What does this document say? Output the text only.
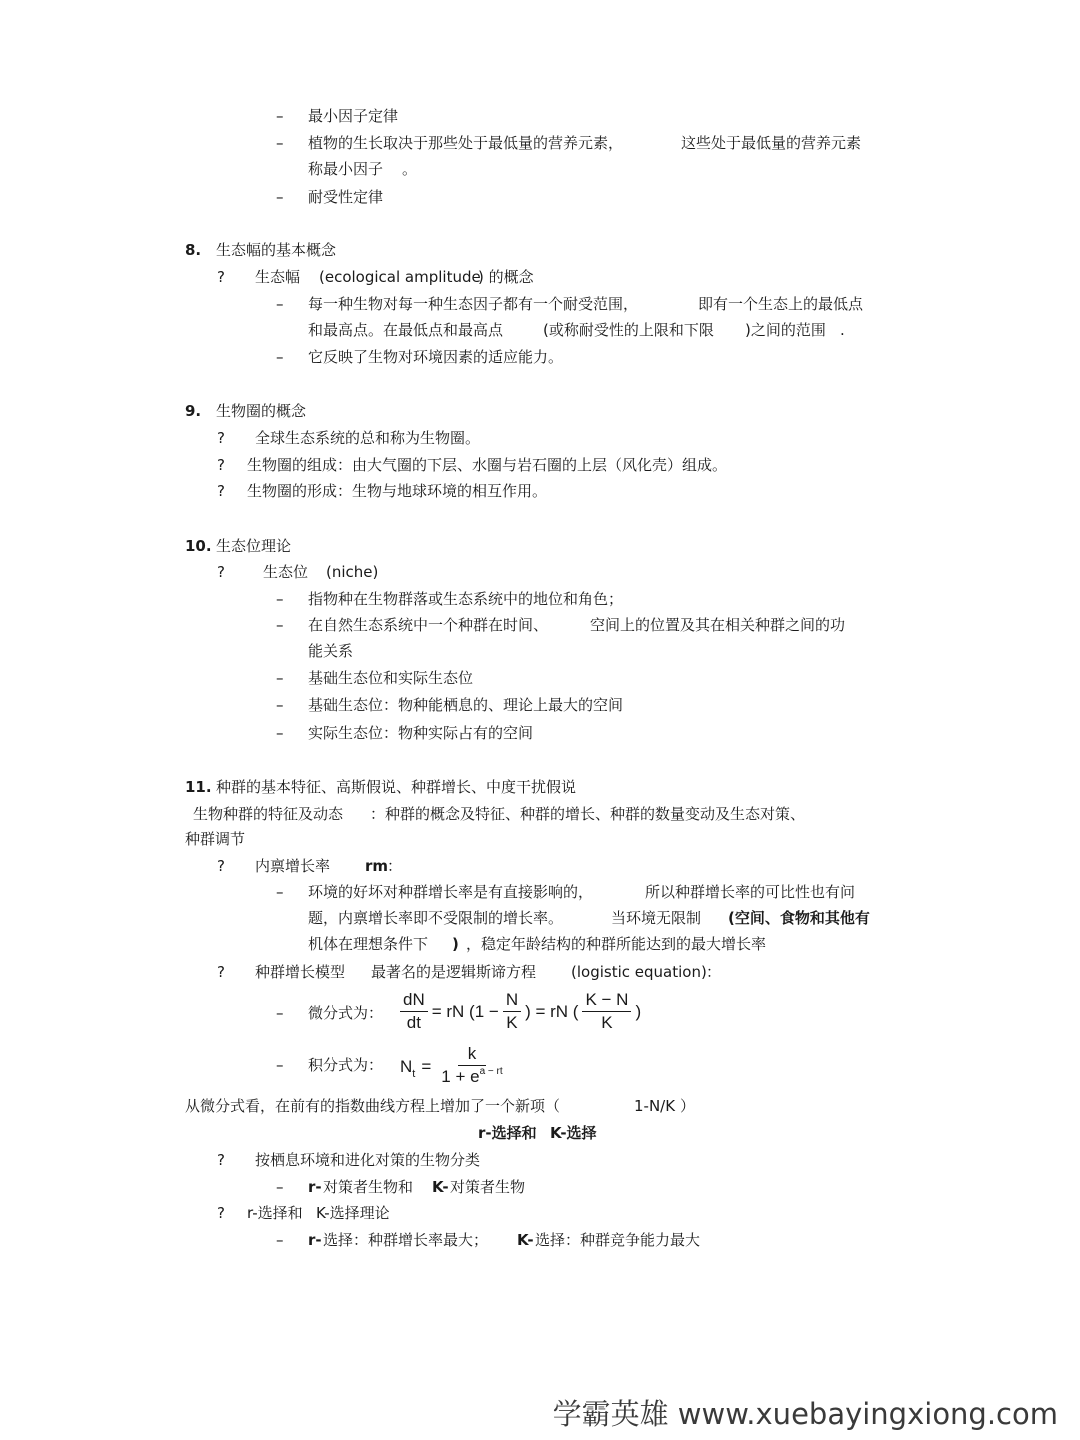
– 最小因子定律
– 植物的生长取决于那些处于最低量的营养元素，	这些处于最低量的营养元素
称最小因子 。
– 耐受性定律
8. 生态幅的基本概念
? 生态幅 (ecological amplitude
) 的概念
– 每一种生物对每一种生态因子都有一个耐受范围，	即有一个生态上的最低点
和最高点。在最低点和最高点	(或称耐受性的上限和下限 )之间的范围 .
– 它反映了生物对环境因素的适应能力。
9. 生物圈的概念
? 全球生态系统的总和称为生物圈。
? 生物圈的组成：由大气圈的下层、水圈与岩石圈的上层（风化壳）组成。
? 生物圈的形成：生物与地球环境的相互作用。
10. 生态位理论
?	生态位 (niche)
– 指物种在生物群落或生态系统中的地位和角色；
– 在自然生态系统中一个种群在时间、	空间上的位置及其在相关种群之间的功
能关系
– 基础生态位和实际生态位
– 基础生态位：物种能栖息的、理论上最大的空间
– 实际生态位：物种实际占有的空间
11. 种群的基本特征、高斯假说、种群增长、中度干扰假说
生物种群的特征及动态 ：种群的概念及特征、种群的增长、种群的数量变动及生态对策、
种群调节
? 内禀增长率 rm
：
– 环境的好坏对种群增长率是有直接影响的，	所以种群增长率的可比性也有问
题，内禀增长率即不受限制的增长率。	当环境无限制 (空间、食物和其他有
机体在理想条件下 ) ，稳定年龄结构的种群所能达到的最大增长率
? 种群增长模型 最著名的是逻辑斯谛方程 (logistic equation) ：
– 微分式为： $\frac{dN}{dt}$ = rN ($1 - \frac{N}{K}$ ) = rN ( $\frac{K - N}{K}$ )
– 积分式为： $N_t = \frac{k}{1 + e^{a - rt}}$
从微分式看，在前有的指数曲线方程上增加了一个新项（	1-N/K ）
r-选择和 K-选择
? 按栖息环境和进化对策的生物分类
– r- 对策者生物和 K- 对策者生物
? r-选择和 K-选择理论
– r- 选择：种群增长率最大； K- 选择：种群竞争能力最大
学霸英雄 www.xuebayingxiong.com
